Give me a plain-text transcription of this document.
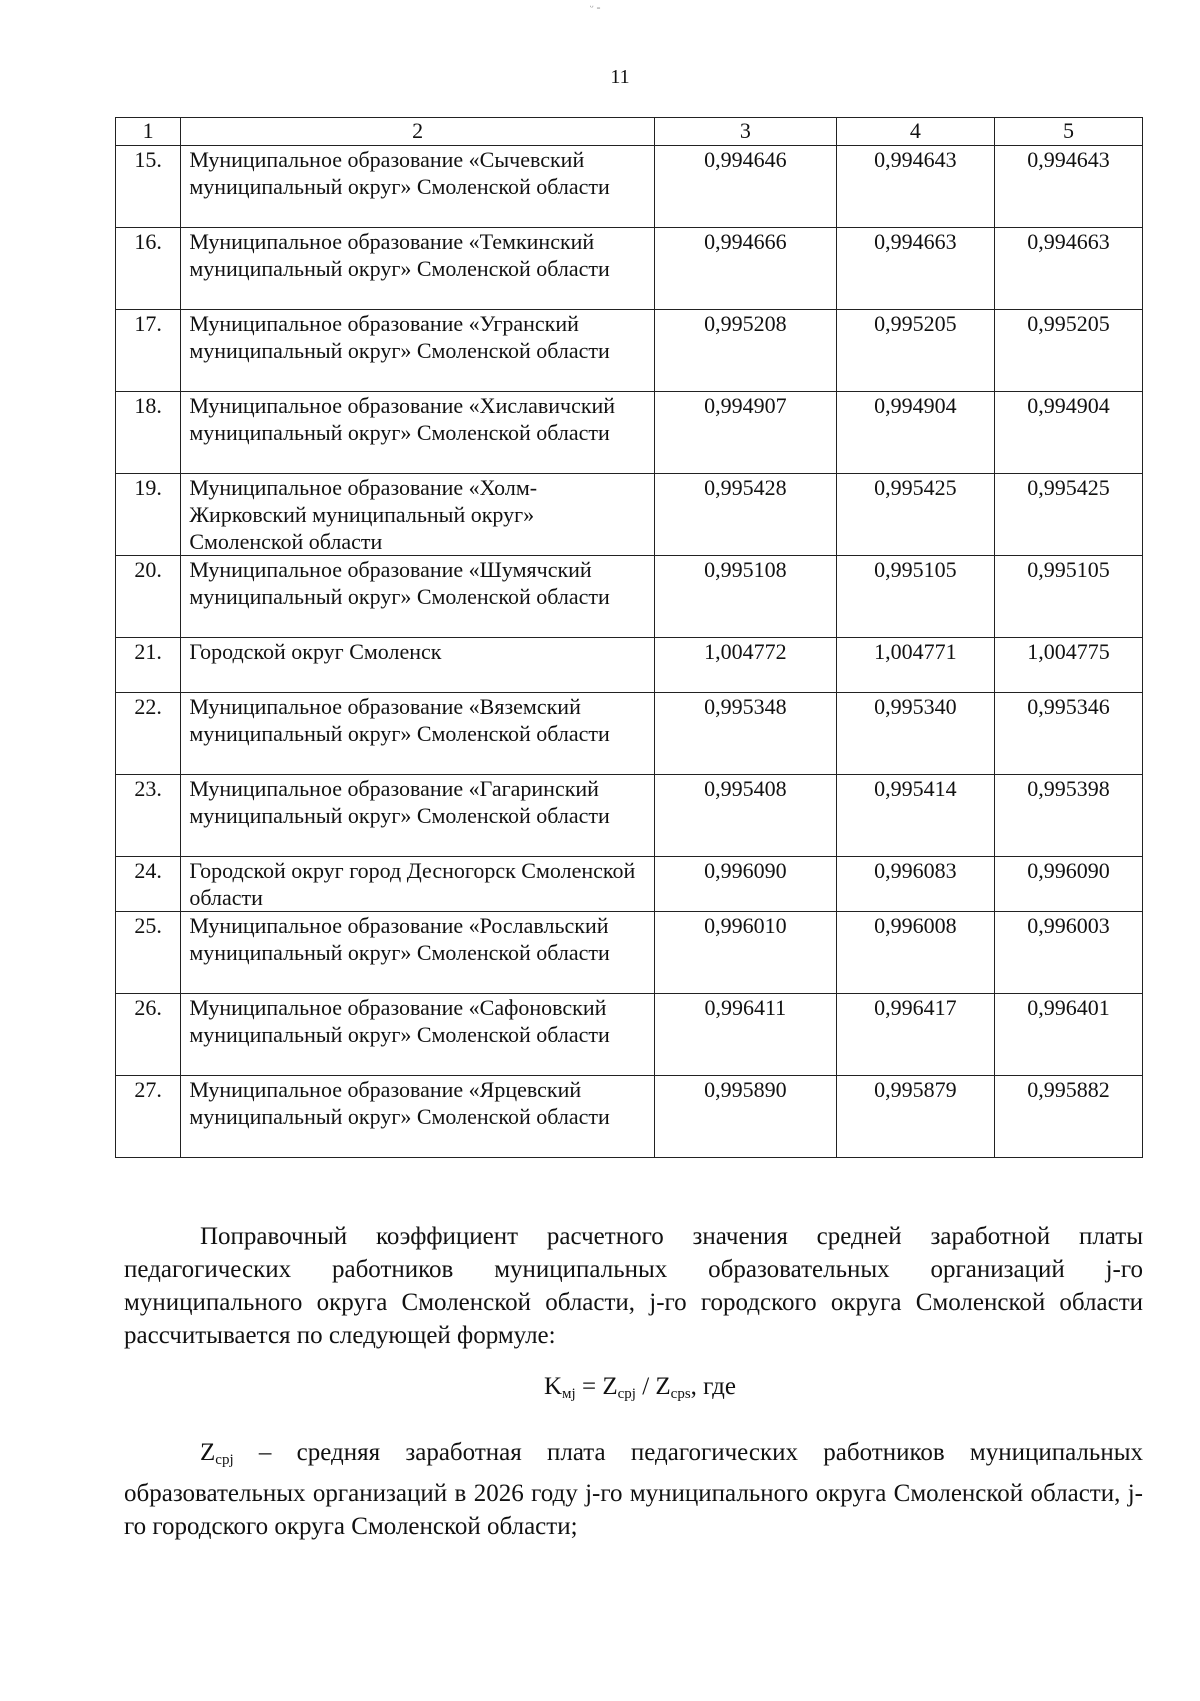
ᵕ -
11
1	2	3	4	5
15.	Муниципальное образование «Сычевский муниципальный округ» Смоленской области	0,994646	0,994643	0,994643
16.	Муниципальное образование «Темкинский муниципальный округ» Смоленской области	0,994666	0,994663	0,994663
17.	Муниципальное образование «Угранский муниципальный округ» Смоленской области	0,995208	0,995205	0,995205
18.	Муниципальное образование «Хиславичский муниципальный округ» Смоленской области	0,994907	0,994904	0,994904
19.	Муниципальное образование «Холм-Жирковский муниципальный округ» Смоленской области	0,995428	0,995425	0,995425
20.	Муниципальное образование «Шумячский муниципальный округ» Смоленской области	0,995108	0,995105	0,995105
21.	Городской округ Смоленск	1,004772	1,004771	1,004775
22.	Муниципальное образование «Вяземский муниципальный округ» Смоленской области	0,995348	0,995340	0,995346
23.	Муниципальное образование «Гагаринский муниципальный округ» Смоленской области	0,995408	0,995414	0,995398
24.	Городской округ город Десногорск Смоленской области	0,996090	0,996083	0,996090
25.	Муниципальное образование «Рославльский муниципальный округ» Смоленской области	0,996010	0,996008	0,996003
26.	Муниципальное образование «Сафоновский муниципальный округ» Смоленской области	0,996411	0,996417	0,996401
27.	Муниципальное образование «Ярцевский муниципальный округ» Смоленской области	0,995890	0,995879	0,995882
Поправочный коэффициент расчетного значения средней заработной платы педагогических работников муниципальных образовательных организаций j-го муниципального округа Смоленской области, j-го городского округа Смоленской области рассчитывается по следующей формуле:
$K_{мj} = Z_{срj} / Z_{срs}$, где
$Z_{срj}$ – средняя заработная плата педагогических работников муниципальных образовательных организаций в 2026 году j-го муниципального округа Смоленской области, j-го городского округа Смоленской области;
